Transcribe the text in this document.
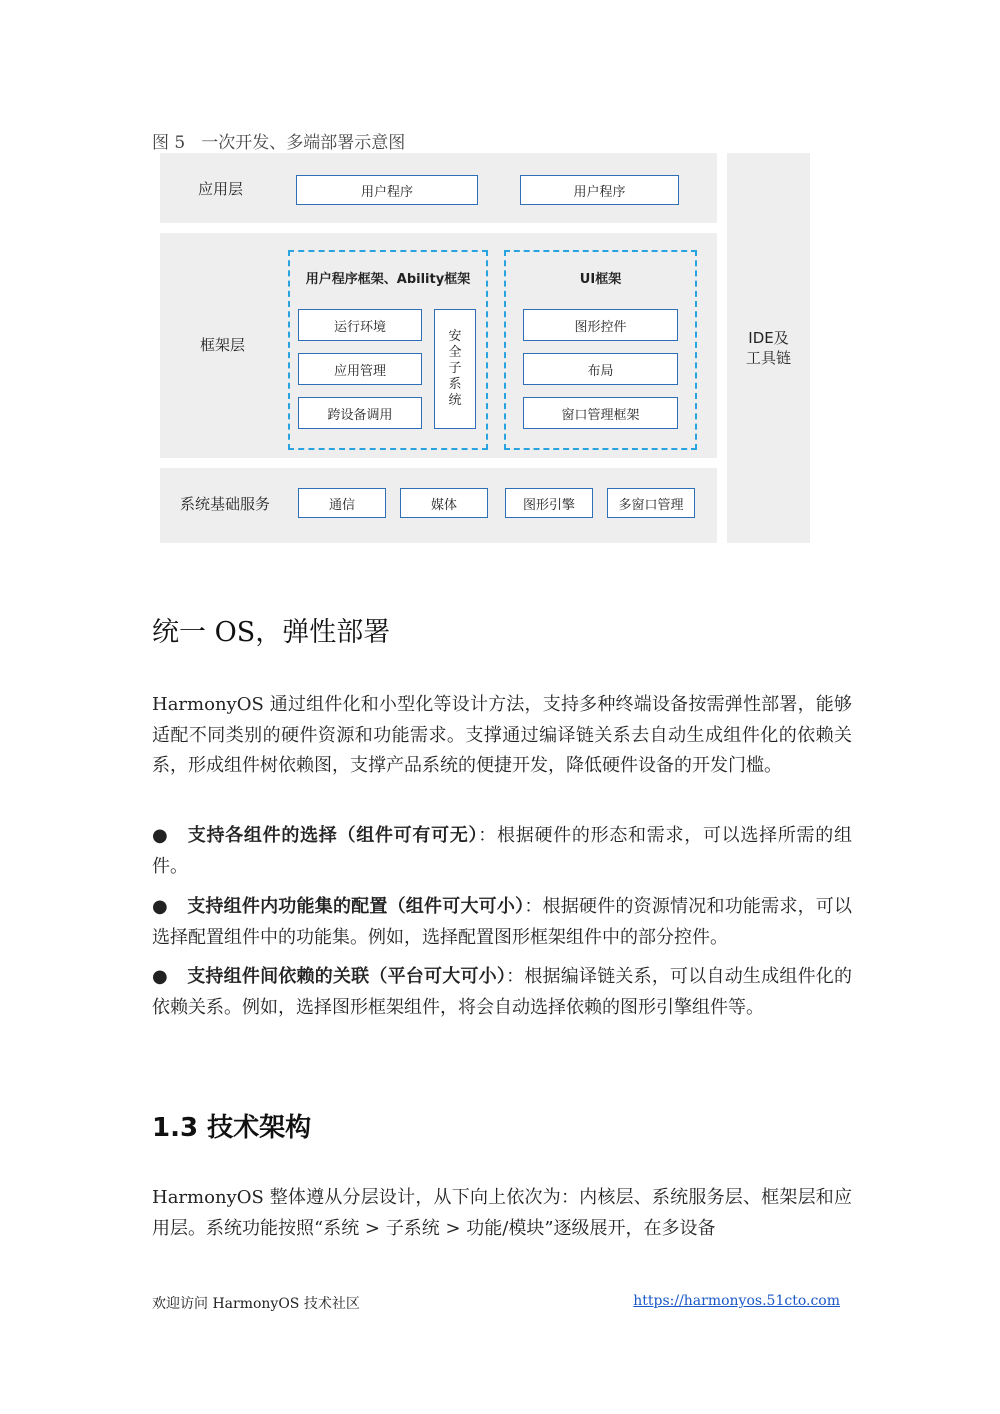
图 5 一次开发、多端部署示意图
应用层	用户程序	用户程序
框架层
用户程序框架、Ability框架
运行环境
应用管理
跨设备调用
安
全
子
系
统
UI框架
图形控件
布局
窗口管理框架
系统基础服务	通信	媒体	图形引擎	多窗口管理
IDE及
工具链
统一 OS，弹性部署

HarmonyOS 通过组件化和小型化等设计方法，支持多种终端设备按需弹性部署，能够适配不同类别的硬件资源和功能需求。支撑通过编译链关系去自动生成组件化的依赖关系，形成组件树依赖图，支撑产品系统的便捷开发，降低硬件设备的开发门槛。

● 支持各组件的选择（组件可有可无）：根据硬件的形态和需求，可以选择所需的组件。

● 支持组件内功能集的配置（组件可大可小）：根据硬件的资源情况和功能需求，可以选择配置组件中的功能集。例如，选择配置图形框架组件中的部分控件。

● 支持组件间依赖的关联（平台可大可小）：根据编译链关系，可以自动生成组件化的依赖关系。例如，选择图形框架组件，将会自动选择依赖的图形引擎组件等。

1.3 技术架构

HarmonyOS 整体遵从分层设计，从下向上依次为：内核层、系统服务层、框架层和应用层。系统功能按照“系统 > 子系统 > 功能/模块”逐级展开，在多设备

欢迎访问 HarmonyOS 技术社区	https://harmonyos.51cto.com
